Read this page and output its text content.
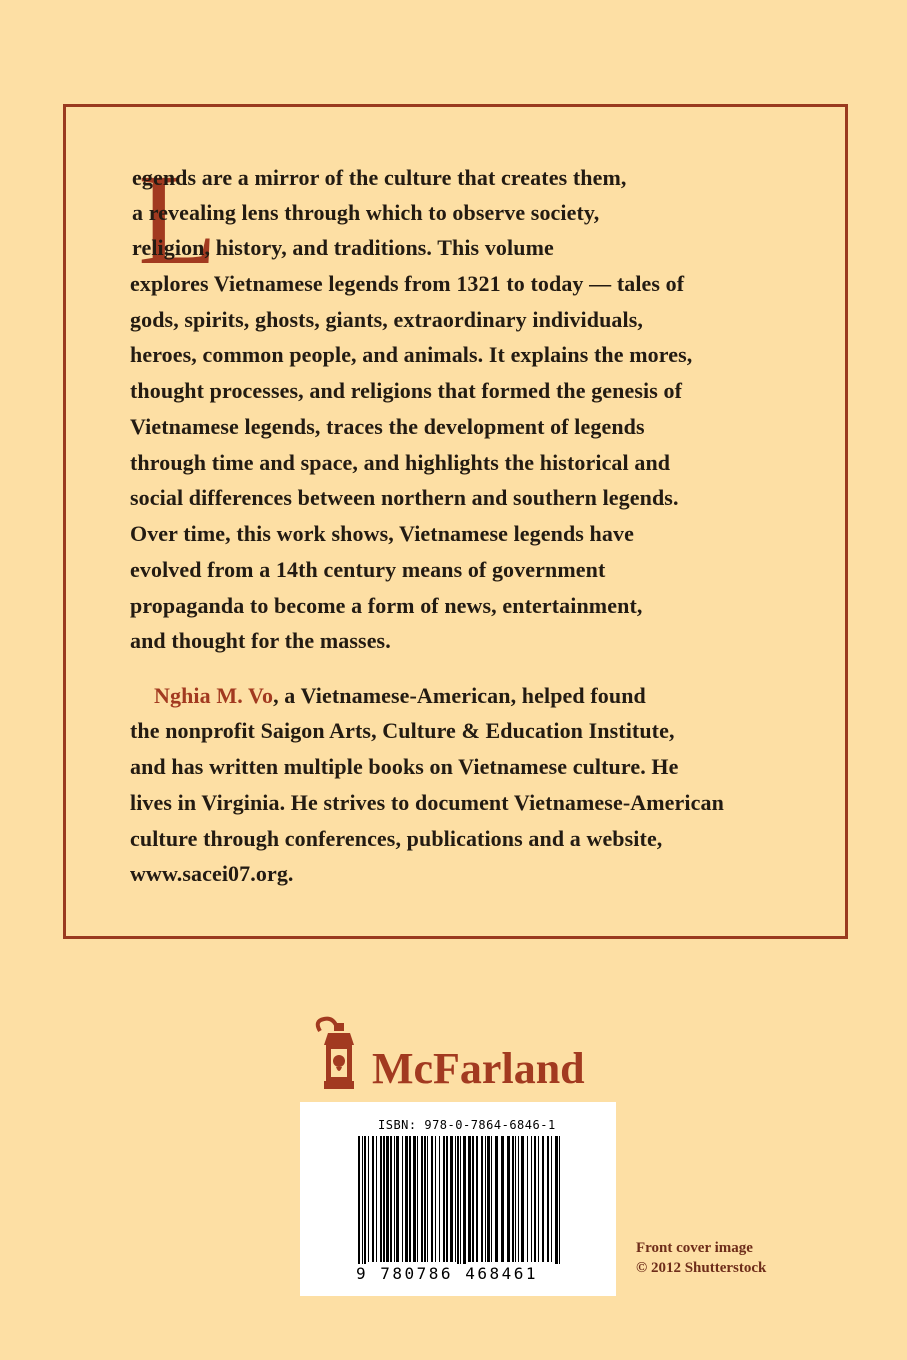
L
egends are a mirror of the culture that creates them,
a revealing lens through which to observe society,
religion, history, and traditions. This volume
explores Vietnamese legends from 1321 to today — tales of
gods, spirits, ghosts, giants, extraordinary individuals,
heroes, common people, and animals. It explains the mores,
thought processes, and religions that formed the genesis of
Vietnamese legends, traces the development of legends
through time and space, and highlights the historical and
social differences between northern and southern legends.
Over time, this work shows, Vietnamese legends have
evolved from a 14th century means of government
propaganda to become a form of news, entertainment,
and thought for the masses.
Nghia M. Vo, a Vietnamese-American, helped found
the nonprofit Saigon Arts, Culture & Education Institute,
and has written multiple books on Vietnamese culture. He
lives in Virginia. He strives to document Vietnamese-American
culture through conferences, publications and a website,
www.sacei07.org.
McFarland
ISBN: 978-0-7864-6846-1
9 780786 468461
Front cover image
© 2012 Shutterstock
